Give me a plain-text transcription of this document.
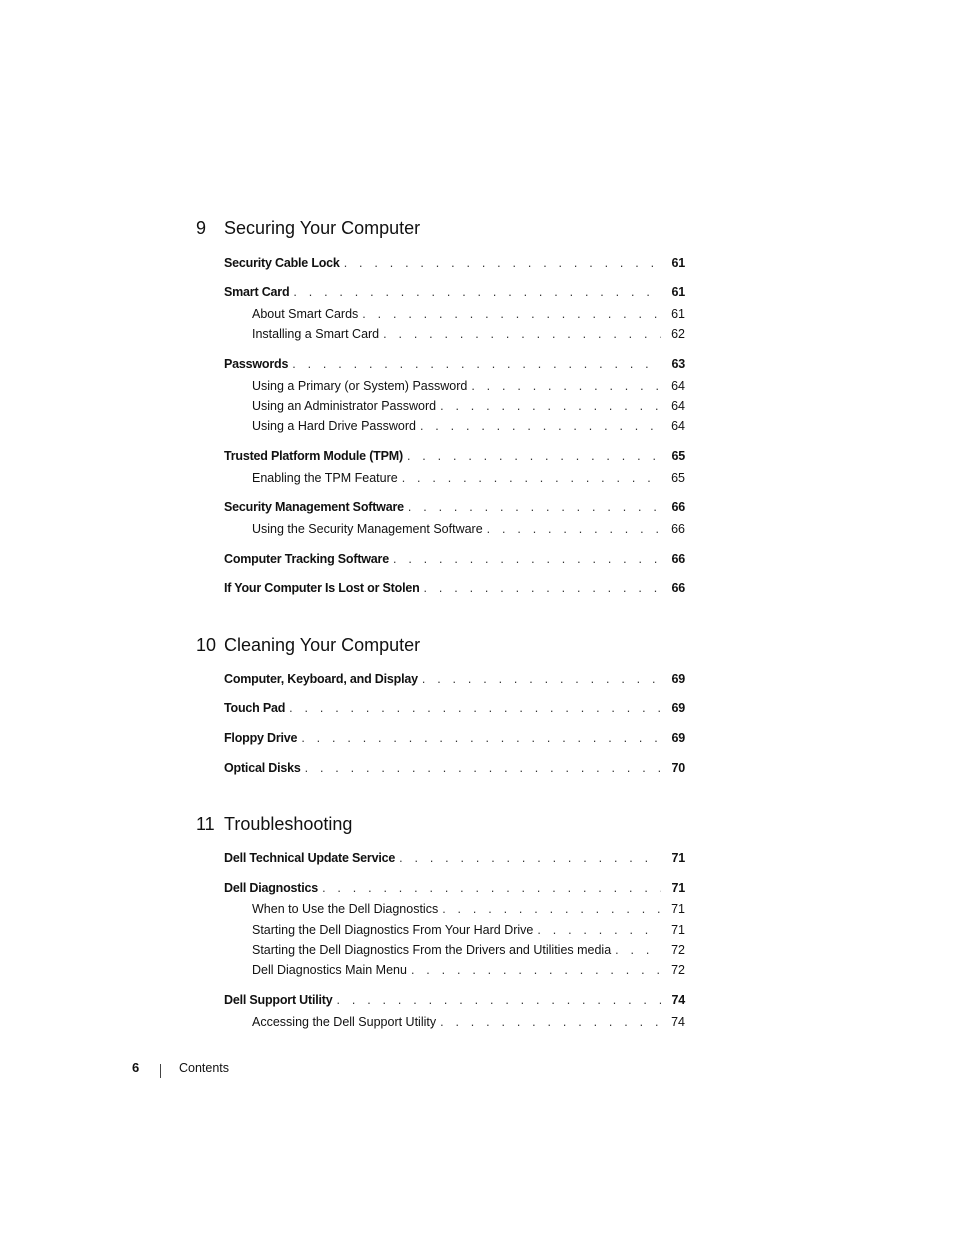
9 Securing Your Computer
Security Cable Lock . . .	61
Smart Card . . .	61
About Smart Cards . . .	61
Installing a Smart Card . . .	62
Passwords . . .	63
Using a Primary (or System) Password . . .	64
Using an Administrator Password . . .	64
Using a Hard Drive Password . . .	64
Trusted Platform Module (TPM) . . .	65
Enabling the TPM Feature . . .	65
Security Management Software . . .	66
Using the Security Management Software . . .	66
Computer Tracking Software . . .	66
If Your Computer Is Lost or Stolen . . .	66
10 Cleaning Your Computer
Computer, Keyboard, and Display . . .	69
Touch Pad . . .	69
Floppy Drive . . .	69
Optical Disks . . .	70
11 Troubleshooting
Dell Technical Update Service . . .	71
Dell Diagnostics . . .	71
When to Use the Dell Diagnostics . . .	71
Starting the Dell Diagnostics From Your Hard Drive . . .	71
Starting the Dell Diagnostics From the Drivers and Utilities media . . .	72
Dell Diagnostics Main Menu . . .	72
Dell Support Utility . . .	74
Accessing the Dell Support Utility . . .	74
6	Contents
